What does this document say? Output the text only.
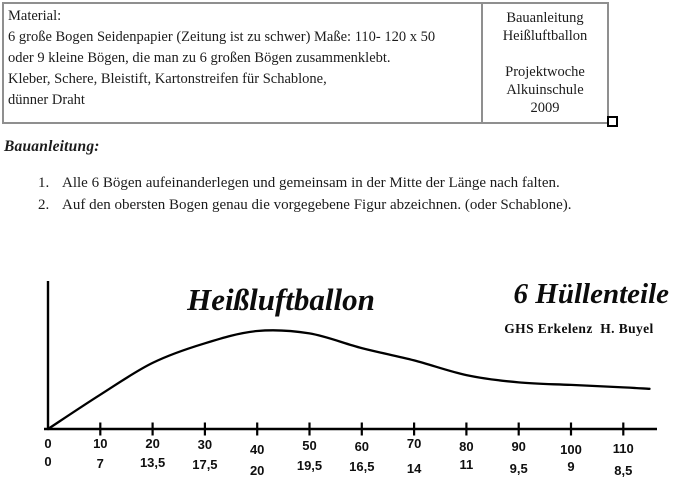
Material:
6 große Bogen Seidenpapier (Zeitung ist zu schwer) Maße: 110- 120 x 50
oder 9 kleine Bögen, die man zu 6 großen Bögen zusammenklebt.
Kleber, Schere, Bleistift, Kartonstreifen für Schablone,
dünner Draht
Bauanleitung
Heißluftballon
Projektwoche
Alkuinschule
2009
Bauanleitung:
1. Alle 6 Bögen aufeinanderlegen und gemeinsam in der Mitte der Länge nach falten.
2. Auf den obersten Bogen genau die vorgegebene Figur abzeichnen. (oder Schablone).
0
0
10
7
20
13,5
30
17,5
40
20
50
19,5
60
16,5
70
14
80
11
90
9,5
100
9
110
8,5
Heißluftballon	6 Hüllenteile
GHS Erkelenz  H. Buyel
